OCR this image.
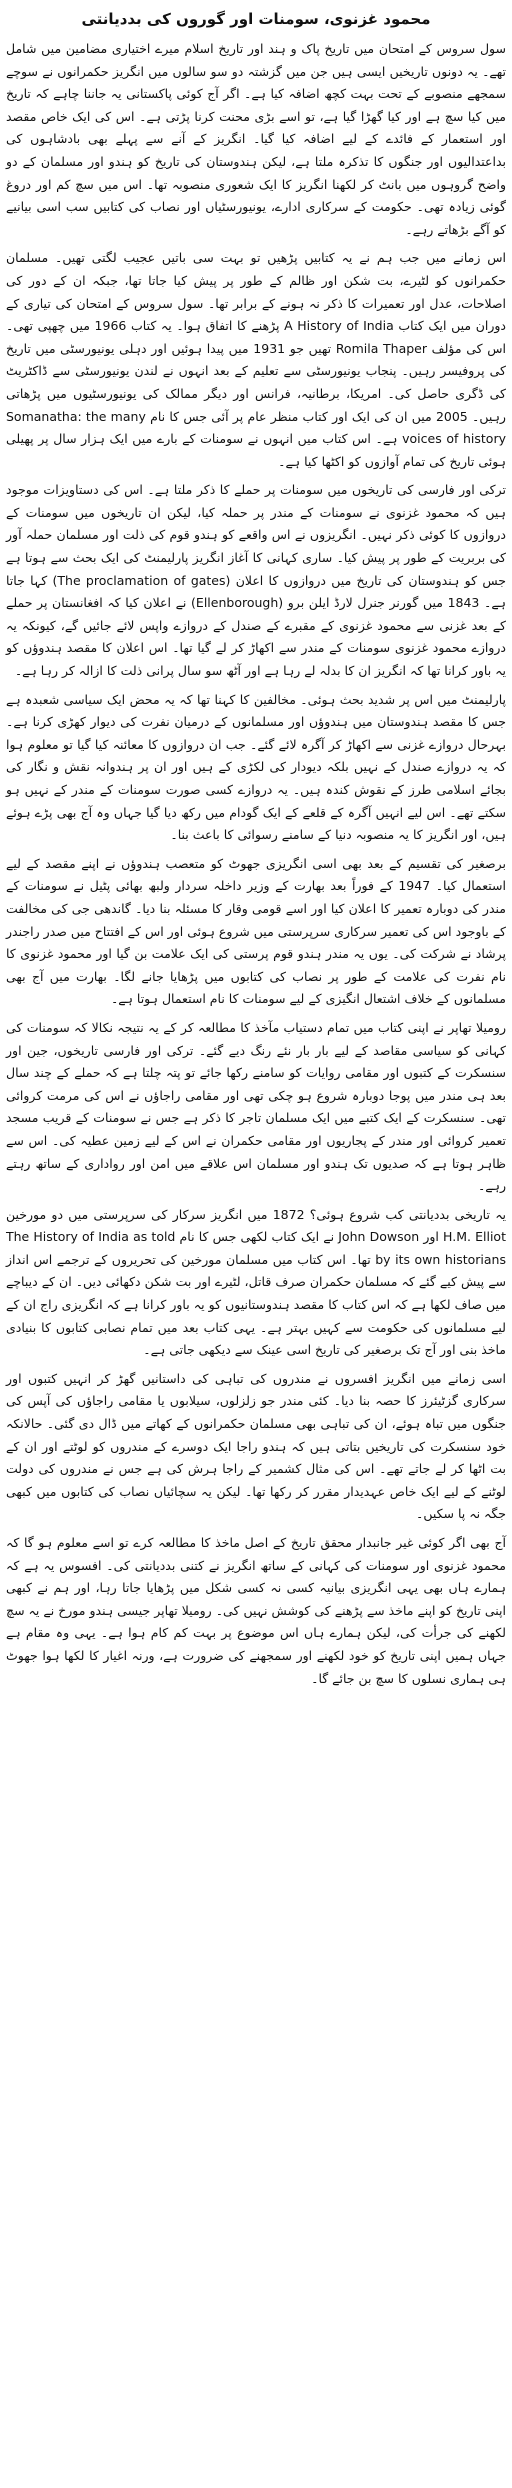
محمود غزنوی، سومنات اور گوروں کی بددیانتی

سول سروس کے امتحان میں تاریخ پاک و ہند اور تاریخ اسلام میرے اختیاری مضامین میں شامل تھے۔ یہ دونوں تاریخیں ایسی ہیں جن میں گزشتہ دو سو سالوں میں انگریز حکمرانوں نے سوچے سمجھے منصوبے کے تحت بہت کچھ اضافہ کیا ہے۔ اگر آج کوئی پاکستانی یہ جاننا چاہے کہ تاریخ میں کیا سچ ہے اور کیا گھڑا گیا ہے، تو اسے بڑی محنت کرنا پڑتی ہے۔ اس کی ایک خاص مقصد اور استعمار کے فائدے کے لیے اضافہ کیا گیا۔ انگریز کے آنے سے پہلے بھی بادشاہوں کی بداعتدالیوں اور جنگوں کا تذکرہ ملتا ہے، لیکن ہندوستان کی تاریخ کو ہندو اور مسلمان کے دو واضح گروہوں میں بانٹ کر لکھنا انگریز کا ایک شعوری منصوبہ تھا۔ اس میں سچ کم اور دروغ گوئی زیادہ تھی۔ حکومت کے سرکاری ادارے، یونیورسٹیاں اور نصاب کی کتابیں سب اسی بیانیے کو آگے بڑھاتے رہے۔

اس زمانے میں جب ہم نے یہ کتابیں پڑھیں تو بہت سی باتیں عجیب لگتی تھیں۔ مسلمان حکمرانوں کو لٹیرے، بت شکن اور ظالم کے طور پر پیش کیا جاتا تھا، جبکہ ان کے دور کی اصلاحات، عدل اور تعمیرات کا ذکر نہ ہونے کے برابر تھا۔ سول سروس کے امتحان کی تیاری کے دوران میں ایک کتاب A History of India پڑھنے کا اتفاق ہوا۔ یہ کتاب 1966 میں چھپی تھی۔ اس کی مؤلف Romila Thaper تھیں جو 1931 میں پیدا ہوئیں اور دہلی یونیورسٹی میں تاریخ کی پروفیسر رہیں۔ پنجاب یونیورسٹی سے تعلیم کے بعد انہوں نے لندن یونیورسٹی سے ڈاکٹریٹ کی ڈگری حاصل کی۔ امریکا، برطانیہ، فرانس اور دیگر ممالک کی یونیورسٹیوں میں پڑھاتی رہیں۔ 2005 میں ان کی ایک اور کتاب منظر عام پر آئی جس کا نام Somanatha: the many voices of history ہے۔ اس کتاب میں انہوں نے سومنات کے بارے میں ایک ہزار سال پر پھیلی ہوئی تاریخ کی تمام آوازوں کو اکٹھا کیا ہے۔

ترکی اور فارسی کی تاریخوں میں سومنات پر حملے کا ذکر ملتا ہے۔ اس کی دستاویزات موجود ہیں کہ محمود غزنوی نے سومنات کے مندر پر حملہ کیا، لیکن ان تاریخوں میں سومنات کے دروازوں کا کوئی ذکر نہیں۔ انگریزوں نے اس واقعے کو ہندو قوم کی ذلت اور مسلمان حملہ آور کی بربریت کے طور پر پیش کیا۔ ساری کہانی کا آغاز انگریز پارلیمنٹ کی ایک بحث سے ہوتا ہے جس کو ہندوستان کی تاریخ میں دروازوں کا اعلان (The proclamation of gates) کہا جاتا ہے۔ 1843 میں گورنر جنرل لارڈ ایلن برو (Ellenborough) نے اعلان کیا کہ افغانستان پر حملے کے بعد غزنی سے محمود غزنوی کے مقبرے کے صندل کے دروازے واپس لائے جائیں گے، کیونکہ یہ دروازے محمود غزنوی سومنات کے مندر سے اکھاڑ کر لے گیا تھا۔ اس اعلان کا مقصد ہندوؤں کو یہ باور کرانا تھا کہ انگریز ان کا بدلہ لے رہا ہے اور آٹھ سو سال پرانی ذلت کا ازالہ کر رہا ہے۔

پارلیمنٹ میں اس پر شدید بحث ہوئی۔ مخالفین کا کہنا تھا کہ یہ محض ایک سیاسی شعبدہ ہے جس کا مقصد ہندوستان میں ہندوؤں اور مسلمانوں کے درمیان نفرت کی دیوار کھڑی کرنا ہے۔ بہرحال دروازے غزنی سے اکھاڑ کر آگرہ لائے گئے۔ جب ان دروازوں کا معائنہ کیا گیا تو معلوم ہوا کہ یہ دروازے صندل کے نہیں بلکہ دیودار کی لکڑی کے ہیں اور ان پر ہندوانہ نقش و نگار کی بجائے اسلامی طرز کے نقوش کندہ ہیں۔ یہ دروازے کسی صورت سومنات کے مندر کے نہیں ہو سکتے تھے۔ اس لیے انہیں آگرہ کے قلعے کے ایک گودام میں رکھ دیا گیا جہاں وہ آج بھی پڑے ہوئے ہیں، اور انگریز کا یہ منصوبہ دنیا کے سامنے رسوائی کا باعث بنا۔

برصغیر کی تقسیم کے بعد بھی اسی انگریزی جھوٹ کو متعصب ہندوؤں نے اپنے مقصد کے لیے استعمال کیا۔ 1947 کے فوراً بعد بھارت کے وزیر داخلہ سردار ولبھ بھائی پٹیل نے سومنات کے مندر کی دوبارہ تعمیر کا اعلان کیا اور اسے قومی وقار کا مسئلہ بنا دیا۔ گاندھی جی کی مخالفت کے باوجود اس کی تعمیر سرکاری سرپرستی میں شروع ہوئی اور اس کے افتتاح میں صدر راجندر پرشاد نے شرکت کی۔ یوں یہ مندر ہندو قوم پرستی کی ایک علامت بن گیا اور محمود غزنوی کا نام نفرت کی علامت کے طور پر نصاب کی کتابوں میں پڑھایا جانے لگا۔ بھارت میں آج بھی مسلمانوں کے خلاف اشتعال انگیزی کے لیے سومنات کا نام استعمال ہوتا ہے۔

رومیلا تھاپر نے اپنی کتاب میں تمام دستیاب مآخذ کا مطالعہ کر کے یہ نتیجہ نکالا کہ سومنات کی کہانی کو سیاسی مقاصد کے لیے بار بار نئے رنگ دیے گئے۔ ترکی اور فارسی تاریخوں، جین اور سنسکرت کے کتبوں اور مقامی روایات کو سامنے رکھا جائے تو پتہ چلتا ہے کہ حملے کے چند سال بعد ہی مندر میں پوجا دوبارہ شروع ہو چکی تھی اور مقامی راجاؤں نے اس کی مرمت کروائی تھی۔ سنسکرت کے ایک کتبے میں ایک مسلمان تاجر کا ذکر ہے جس نے سومنات کے قریب مسجد تعمیر کروائی اور مندر کے پجاریوں اور مقامی حکمران نے اس کے لیے زمین عطیہ کی۔ اس سے ظاہر ہوتا ہے کہ صدیوں تک ہندو اور مسلمان اس علاقے میں امن اور رواداری کے ساتھ رہتے رہے۔

یہ تاریخی بددیانتی کب شروع ہوئی؟ 1872 میں انگریز سرکار کی سرپرستی میں دو مورخین H.M. Elliot اور John Dowson نے ایک کتاب لکھی جس کا نام The History of India as told by its own historians تھا۔ اس کتاب میں مسلمان مورخین کی تحریروں کے ترجمے اس انداز سے پیش کیے گئے کہ مسلمان حکمران صرف قاتل، لٹیرے اور بت شکن دکھائی دیں۔ ان کے دیباچے میں صاف لکھا ہے کہ اس کتاب کا مقصد ہندوستانیوں کو یہ باور کرانا ہے کہ انگریزی راج ان کے لیے مسلمانوں کی حکومت سے کہیں بہتر ہے۔ یہی کتاب بعد میں تمام نصابی کتابوں کا بنیادی ماخذ بنی اور آج تک برصغیر کی تاریخ اسی عینک سے دیکھی جاتی ہے۔

اسی زمانے میں انگریز افسروں نے مندروں کی تباہی کی داستانیں گھڑ کر انہیں کتبوں اور سرکاری گزٹیئرز کا حصہ بنا دیا۔ کئی مندر جو زلزلوں، سیلابوں یا مقامی راجاؤں کی آپس کی جنگوں میں تباہ ہوئے، ان کی تباہی بھی مسلمان حکمرانوں کے کھاتے میں ڈال دی گئی۔ حالانکہ خود سنسکرت کی تاریخیں بتاتی ہیں کہ ہندو راجا ایک دوسرے کے مندروں کو لوٹتے اور ان کے بت اٹھا کر لے جاتے تھے۔ اس کی مثال کشمیر کے راجا ہرش کی ہے جس نے مندروں کی دولت لوٹنے کے لیے ایک خاص عہدیدار مقرر کر رکھا تھا۔ لیکن یہ سچائیاں نصاب کی کتابوں میں کبھی جگہ نہ پا سکیں۔

آج بھی اگر کوئی غیر جانبدار محقق تاریخ کے اصل ماخذ کا مطالعہ کرے تو اسے معلوم ہو گا کہ محمود غزنوی اور سومنات کی کہانی کے ساتھ انگریز نے کتنی بددیانتی کی۔ افسوس یہ ہے کہ ہمارے ہاں بھی یہی انگریزی بیانیہ کسی نہ کسی شکل میں پڑھایا جاتا رہا، اور ہم نے کبھی اپنی تاریخ کو اپنے ماخذ سے پڑھنے کی کوشش نہیں کی۔ رومیلا تھاپر جیسی ہندو مورخ نے یہ سچ لکھنے کی جرأت کی، لیکن ہمارے ہاں اس موضوع پر بہت کم کام ہوا ہے۔ یہی وہ مقام ہے جہاں ہمیں اپنی تاریخ کو خود لکھنے اور سمجھنے کی ضرورت ہے، ورنہ اغیار کا لکھا ہوا جھوٹ ہی ہماری نسلوں کا سچ بن جائے گا۔
